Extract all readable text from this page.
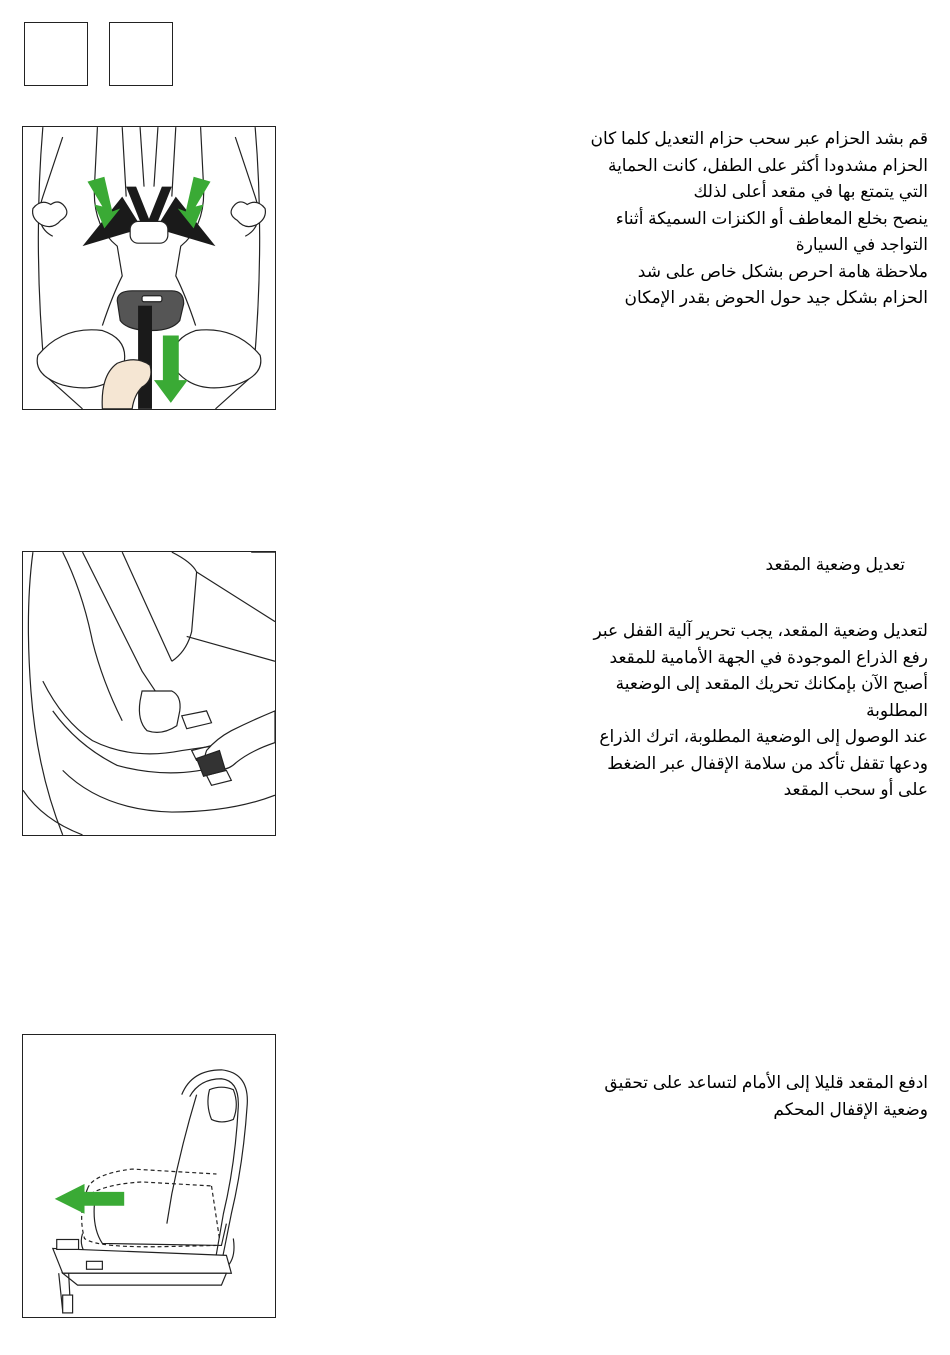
قم بشد الحزام عبر سحب حزام التعديل كلما كان
الحزام مشدودا أكثر على الطفل، كانت الحماية
التي يتمتع بها في مقعد أعلى لذلك
ينصح بخلع المعاطف أو الكنزات السميكة أثناء
التواجد في السيارة
ملاحظة هامة احرص بشكل خاص على شد
الحزام بشكل جيد حول الحوض بقدر الإمكان
تعديل وضعية المقعد
لتعديل وضعية المقعد، يجب تحرير آلية القفل عبر
رفع الذراع الموجودة في الجهة الأمامية للمقعد
أصبح الآن بإمكانك تحريك المقعد إلى الوضعية
المطلوبة
عند الوصول إلى الوضعية المطلوبة، اترك الذراع
ودعها تقفل تأكد من سلامة الإقفال عبر الضغط
على أو سحب المقعد
ادفع المقعد قليلا إلى الأمام لتساعد على تحقيق
وضعية الإقفال المحكم
